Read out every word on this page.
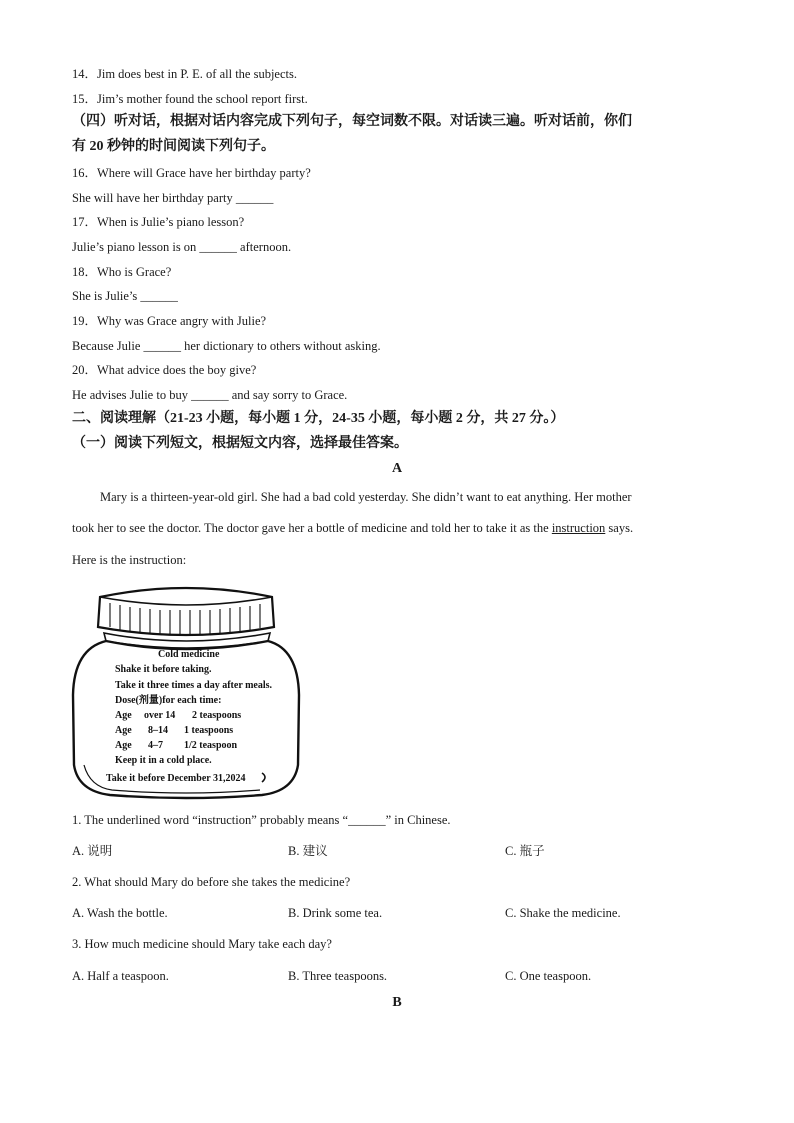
14．Jim does best in P. E. of all the subjects.
15．Jim’s mother found the school report first.
（四）听对话，根据对话内容完成下列句子，每空词数不限。对话读三遍。听对话前，你们
有 20 秒钟的时间阅读下列句子。
16．Where will Grace have her birthday party?
She will have her birthday party ______
17．When is Julie’s piano lesson?
Julie’s piano lesson is on ______ afternoon.
18．Who is Grace?
She is Julie’s ______
19．Why was Grace angry with Julie?
Because Julie ______ her dictionary to others without asking.
20．What advice does the boy give?
He advises Julie to buy ______ and say sorry to Grace.
二、阅读理解（21-23 小题，每小题 1 分，24-35 小题，每小题 2 分，共 27 分。）
（一）阅读下列短文，根据短文内容，选择最佳答案。
A
Mary is a thirteen-year-old girl. She had a bad cold yesterday. She didn’t want to eat anything. Her mother
took her to see the doctor. The doctor gave her a bottle of medicine and told her to take it as the instruction says.
Here is the instruction:
Cold medicine
Shake it before taking.
Take it three times a day after meals.
Dose(剂量)for each time:
Age over 14 2 teaspoons
Age 8–14 1 teaspoons
Age 4–7 1/2 teaspoon
Keep it in a cold place.
Take it before December 31,2024
1. The underlined word “instruction” probably means “______” in Chinese.
A. 说明	B. 建议	C. 瓶子
2. What should Mary do before she takes the medicine?
A. Wash the bottle.	B. Drink some tea.	C. Shake the medicine.
3. How much medicine should Mary take each day?
A. Half a teaspoon.	B. Three teaspoons.	C. One teaspoon.
B
